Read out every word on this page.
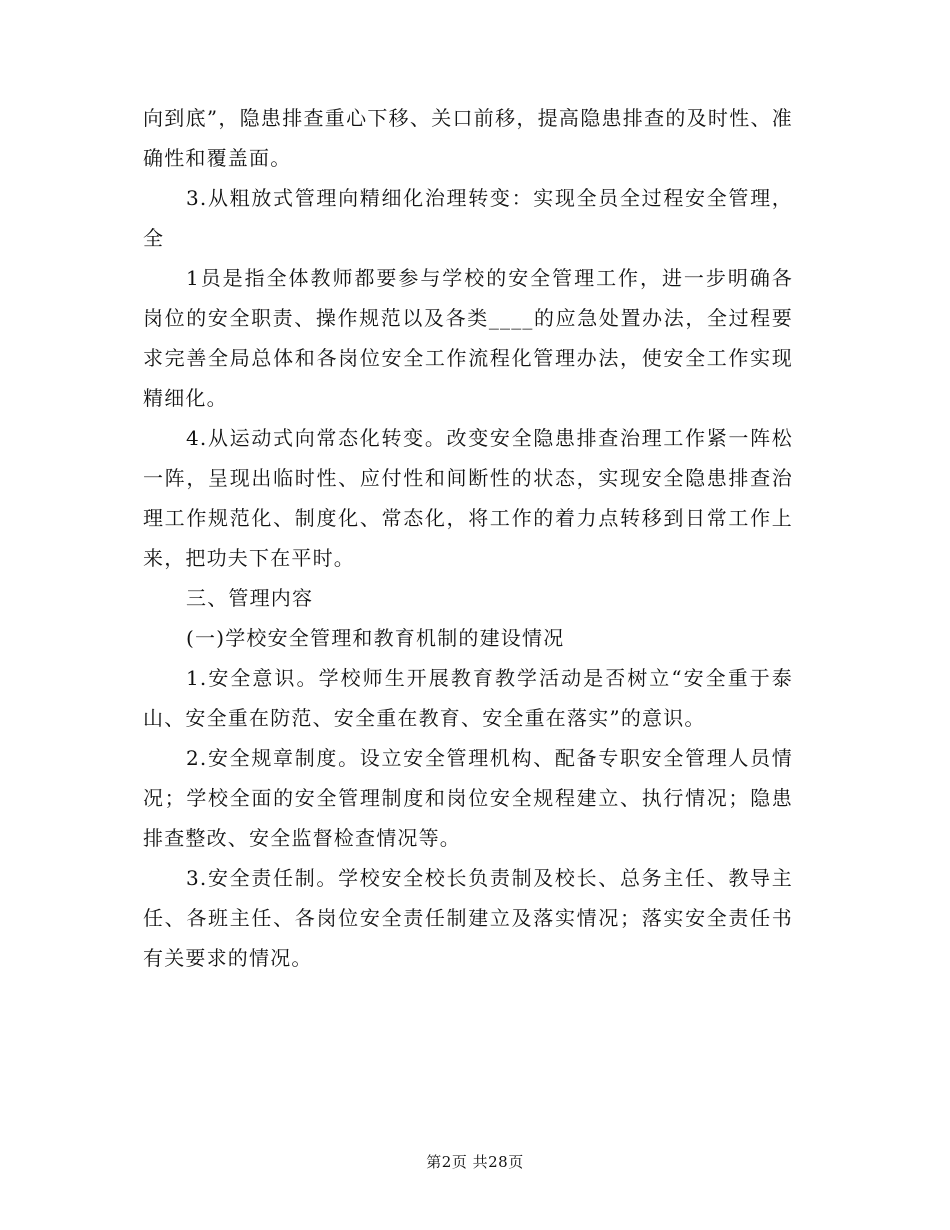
向到底”，隐患排查重心下移、关口前移，提高隐患排查的及时性、准确性和覆盖面。

3.从粗放式管理向精细化治理转变：实现全员全过程安全管理，全

1员是指全体教师都要参与学校的安全管理工作，进一步明确各岗位的安全职责、操作规范以及各类____的应急处置办法，全过程要求完善全局总体和各岗位安全工作流程化管理办法，使安全工作实现精细化。

4.从运动式向常态化转变。改变安全隐患排查治理工作紧一阵松一阵，呈现出临时性、应付性和间断性的状态，实现安全隐患排查治理工作规范化、制度化、常态化，将工作的着力点转移到日常工作上来，把功夫下在平时。

三、管理内容

(一)学校安全管理和教育机制的建设情况

1.安全意识。学校师生开展教育教学活动是否树立“安全重于泰山、安全重在防范、安全重在教育、安全重在落实”的意识。

2.安全规章制度。设立安全管理机构、配备专职安全管理人员情况；学校全面的安全管理制度和岗位安全规程建立、执行情况；隐患排查整改、安全监督检查情况等。

3.安全责任制。学校安全校长负责制及校长、总务主任、教导主任、各班主任、各岗位安全责任制建立及落实情况；落实安全责任书有关要求的情况。

第2页 共28页
